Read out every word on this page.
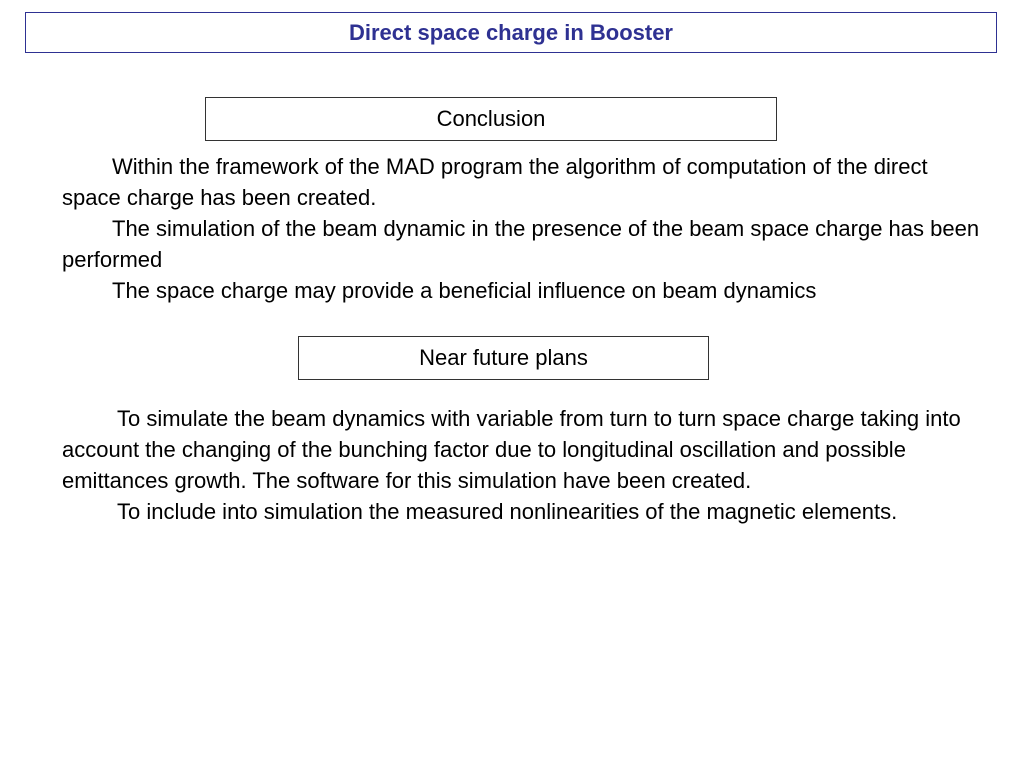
Direct space charge in Booster
Conclusion

Within the framework of the MAD program the algorithm of computation of the direct space charge has been created.

The simulation of the beam dynamic in the presence of the beam space charge has been performed

The space charge may provide a beneficial influence on beam dynamics

Near future plans

To simulate the beam dynamics with variable from turn to turn space charge taking into account the changing of the bunching factor due to longitudinal oscillation and possible emittances growth. The software for this simulation have been created.

To include into simulation the measured nonlinearities of the magnetic elements.
